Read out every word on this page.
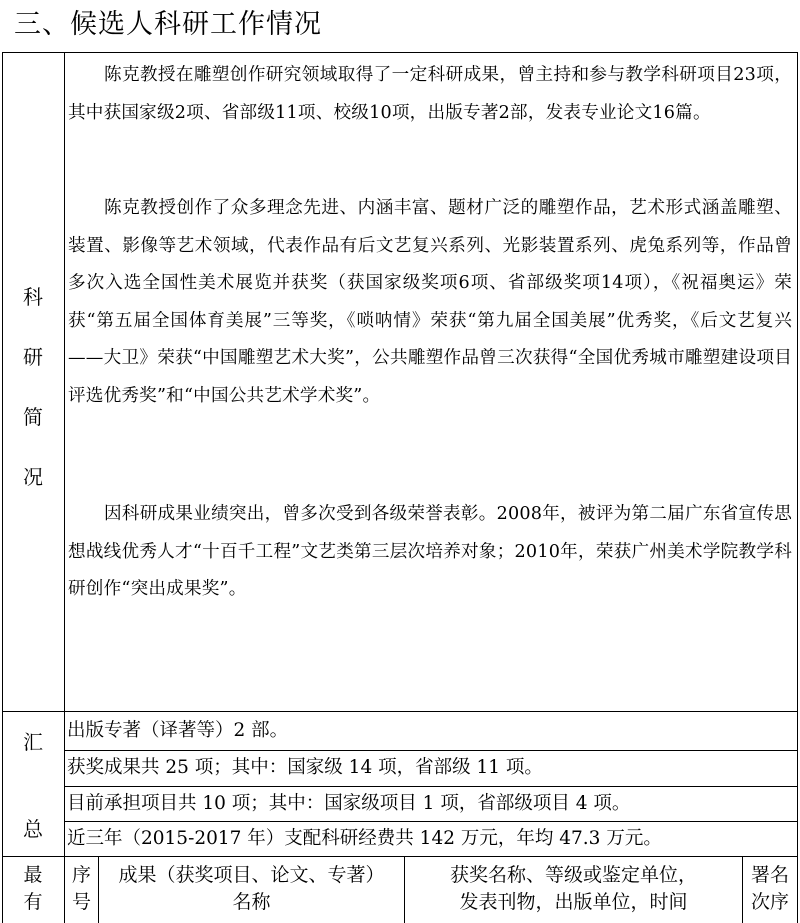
三、候选人科研工作情况
科
研
简
况
陈克教授在雕塑创作研究领域取得了一定科研成果，曾主持和参与教学科研项目23项，其中获国家级2项、省部级11项、校级10项，出版专著2部，发表专业论文16篇。
陈克教授创作了众多理念先进、内涵丰富、题材广泛的雕塑作品，艺术形式涵盖雕塑、装置、影像等艺术领域，代表作品有后文艺复兴系列、光影装置系列、虎兔系列等，作品曾多次入选全国性美术展览并获奖（获国家级奖项6项、省部级奖项14项），《祝福奥运》荣获“第五届全国体育美展”三等奖，《唢呐情》荣获“第九届全国美展”优秀奖，《后文艺复兴——大卫》荣获“中国雕塑艺术大奖”，公共雕塑作品曾三次获得“全国优秀城市雕塑建设项目评选优秀奖”和“中国公共艺术学术奖”。
因科研成果业绩突出，曾多次受到各级荣誉表彰。2008年，被评为第二届广东省宣传思想战线优秀人才“十百千工程”文艺类第三层次培养对象；2010年，荣获广州美术学院教学科研创作“突出成果奖”。
汇
总
出版专著（译著等）2 部。
获奖成果共 25 项；其中：国家级 14 项，省部级 11 项。
目前承担项目共 10 项；其中：国家级项目 1 项，省部级项目 4 项。
近三年（2015-2017 年）支配科研经费共 142 万元，年均 47.3 万元。
最
有
序
号
成果（获奖项目、论文、专著）
名称
获奖名称、等级或鉴定单位，
发表刊物，出版单位，时间
署名
次序
